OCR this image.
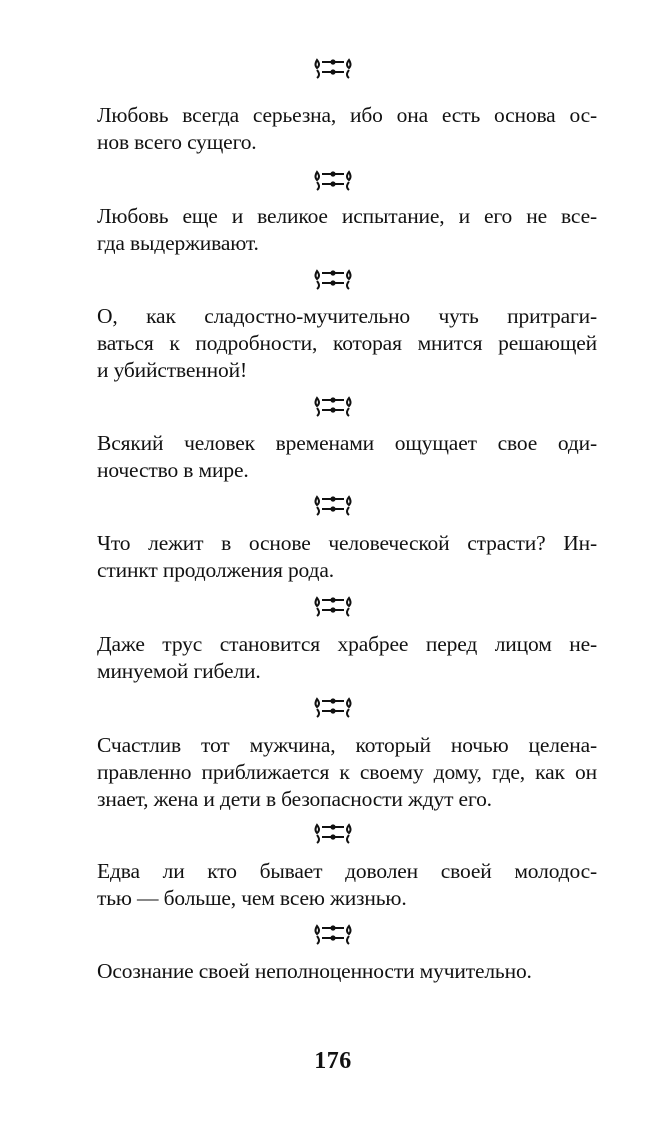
Любовь всегда серьезна, ибо она есть основа ос-
нов всего сущего.

Любовь еще и великое испытание, и его не все-
гда выдерживают.

О, как сладостно-мучительно чуть притраги-
ваться к подробности, которая мнится решающей
и убийственной!

Всякий человек временами ощущает свое оди-
ночество в мире.

Что лежит в основе человеческой страсти? Ин-
стинкт продолжения рода.

Даже трус становится храбрее перед лицом не-
минуемой гибели.

Счастлив тот мужчина, который ночью целена-
правленно приближается к своему дому, где, как он
знает, жена и дети в безопасности ждут его.

Едва ли кто бывает доволен своей молодос-
тью — больше, чем всею жизнью.

Осознание своей неполноценности мучительно.

176
